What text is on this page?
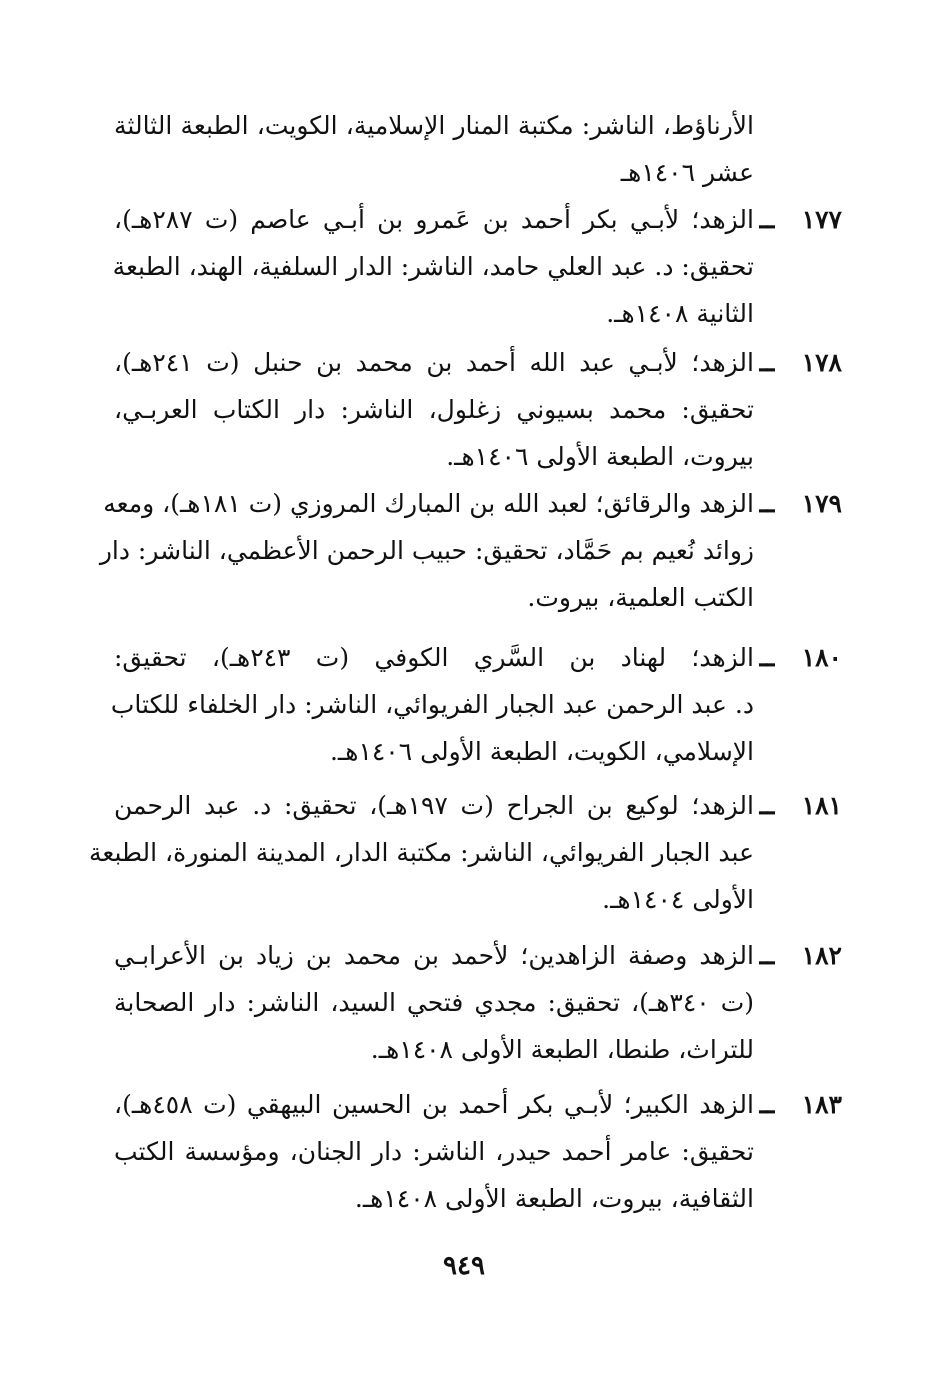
الأرناؤط، الناشر: مكتبة المنار الإسلامية، الكويت، الطبعة الثالثة
عشر ١٤٠٦هـ
١٧٧
ــ
الزهد؛ لأبـي بكر أحمد بن عَمرو بن أبـي عاصم (ت ٢٨٧هـ)،
تحقيق: د. عبد العلي حامد، الناشر: الدار السلفية، الهند، الطبعة
الثانية ١٤٠٨هـ.
١٧٨
ــ
الزهد؛ لأبـي عبد الله أحمد بن محمد بن حنبل (ت ٢٤١هـ)،
تحقيق: محمد بسيوني زغلول، الناشر: دار الكتاب العربـي،
بيروت، الطبعة الأولى ١٤٠٦هـ.
١٧٩
ــ
الزهد والرقائق؛ لعبد الله بن المبارك المروزي (ت ١٨١هـ)، ومعه
زوائد نُعيم بم حَمَّاد، تحقيق: حبيب الرحمن الأعظمي، الناشر: دار
الكتب العلمية، بيروت.
١٨٠
ــ
الزهد؛ لهناد بن السَّري الكوفي (ت ٢٤٣هـ)، تحقيق:
د. عبد الرحمن عبد الجبار الفريوائي، الناشر: دار الخلفاء للكتاب
الإسلامي، الكويت، الطبعة الأولى ١٤٠٦هـ.
١٨١
ــ
الزهد؛ لوكيع بن الجراح (ت ١٩٧هـ)، تحقيق: د. عبد الرحمن
عبد الجبار الفريوائي، الناشر: مكتبة الدار، المدينة المنورة، الطبعة
الأولى ١٤٠٤هـ.
١٨٢
ــ
الزهد وصفة الزاهدين؛ لأحمد بن محمد بن زياد بن الأعرابـي
(ت ٣٤٠هـ)، تحقيق: مجدي فتحي السيد، الناشر: دار الصحابة
للتراث، طنطا، الطبعة الأولى ١٤٠٨هـ.
١٨٣
ــ
الزهد الكبير؛ لأبـي بكر أحمد بن الحسين البيهقي (ت ٤٥٨هـ)،
تحقيق: عامر أحمد حيدر، الناشر: دار الجنان، ومؤسسة الكتب
الثقافية، بيروت، الطبعة الأولى ١٤٠٨هـ.
٩٤٩
